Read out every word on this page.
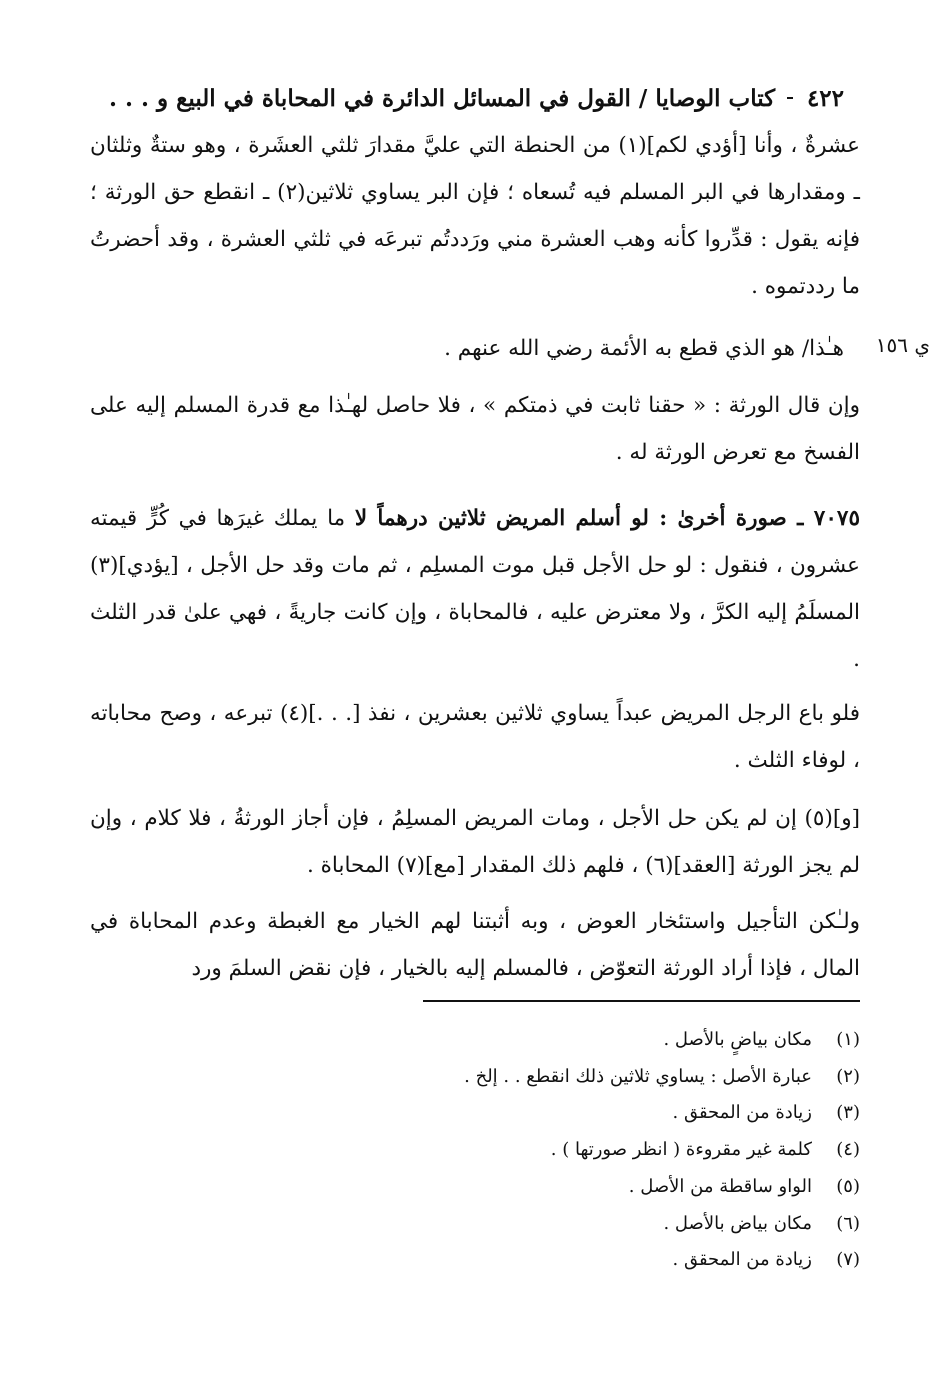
٤٢٢
كتاب الوصايا / القول في المسائل الدائرة في المحاباة في البيع و . . .
ي ١٥٦
عشرةٌ ، وأنا [أؤدي لكم](١) من الحنطة التي عليَّ مقدارَ ثلثي العشَرة ، وهو ستةٌ وثلثان ـ ومقدارها في البر المسلم فيه تُسعاه ؛ فإن البر يساوي ثلاثين(٢) ـ انقطع حق الورثة ؛ فإنه يقول : قدِّروا كأنه وهب العشرة مني ورَددتُم تبرعَه في ثلثي العشرة ، وقد أحضرتُ ما رددتموه .
هـٰذا/ هو الذي قطع به الأئمة رضي الله عنهم .
وإن قال الورثة : « حقنا ثابت في ذمتكم » ، فلا حاصل لهـٰذا مع قدرة المسلم إليه على الفسخ مع تعرض الورثة له .
٧٠٧٥ ـ صورة أخرىٰ : لو أسلم المريض ثلاثين درهماً لا ما يملك غيرَها في كُرٍّ قيمته عشرون ، فنقول : لو حل الأجل قبل موت المسلِم ، ثم مات وقد حل الأجل ، [يؤدي](٣) المسلَمُ إليه الكرَّ ، ولا معترض عليه ، فالمحاباة ، وإن كانت جاريةً ، فهي علىٰ قدر الثلث .
فلو باع الرجل المريض عبداً يساوي ثلاثين بعشرين ، نفذ [. . .](٤) تبرعه ، وصح محاباته ، لوفاء الثلث .
[و](٥) إن لم يكن حل الأجل ، ومات المريض المسلِمُ ، فإن أجاز الورثةُ ، فلا كلام ، وإن لم يجز الورثة [العقد](٦) ، فلهم ذلك المقدار [مع](٧) المحاباة .
ولـٰكن التأجيل واستئخار العوض ، وبه أثبتنا لهم الخيار مع الغبطة وعدم المحاباة في المال ، فإذا أراد الورثة التعوّض ، فالمسلم إليه بالخيار ، فإن نقض السلمَ ورد
(١)
مكان بياضٍ بالأصل .
(٢)
عبارة الأصل : يساوي ثلاثين ذلك انقطع . . إلخ .
(٣)
زيادة من المحقق .
(٤)
كلمة غير مقروءة ( انظر صورتها ) .
(٥)
الواو ساقطة من الأصل .
(٦)
مكان بياض بالأصل .
(٧)
زيادة من المحقق .
